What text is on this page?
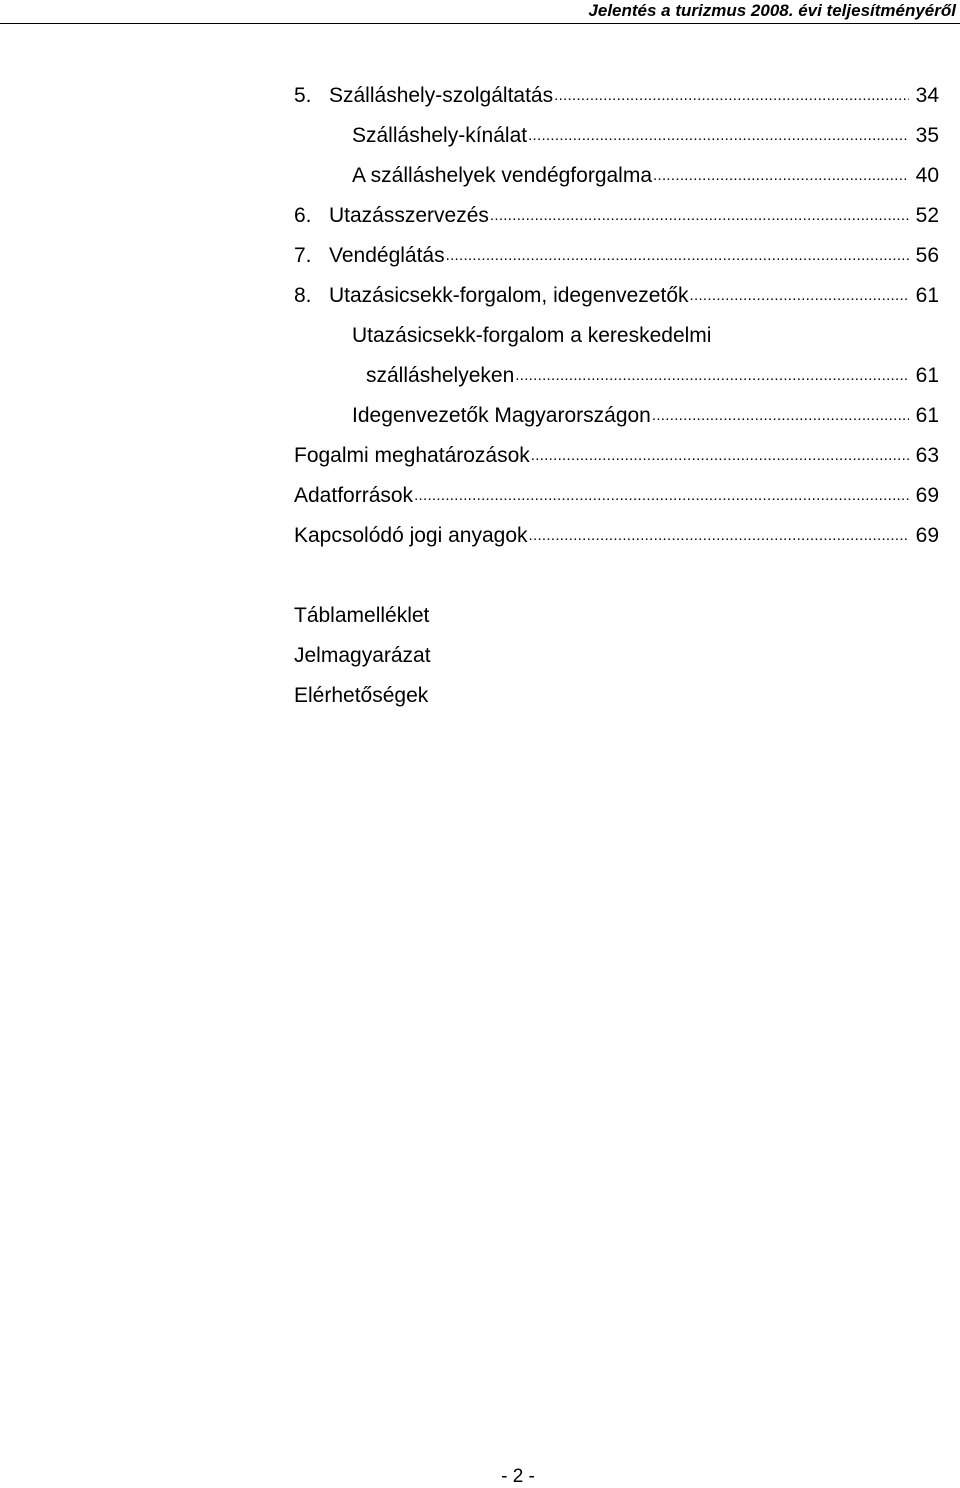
Jelentés a turizmus 2008. évi teljesítményéről
5. Szálláshely-szolgáltatás .....	34
Szálláshely-kínálat .....	35
A szálláshelyek vendégforgalma .....	40
6. Utazásszervezés .....	52
7. Vendéglátás .....	56
8. Utazásicsekk-forgalom, idegenvezetők .....	61
Utazásicsekk-forgalom a kereskedelmi
szálláshelyeken .....	61
Idegenvezetők Magyarországon .....	61
Fogalmi meghatározások .....	63
Adatforrások .....	69
Kapcsolódó jogi anyagok .....	69
Táblamelléklet
Jelmagyarázat
Elérhetőségek
- 2 -
